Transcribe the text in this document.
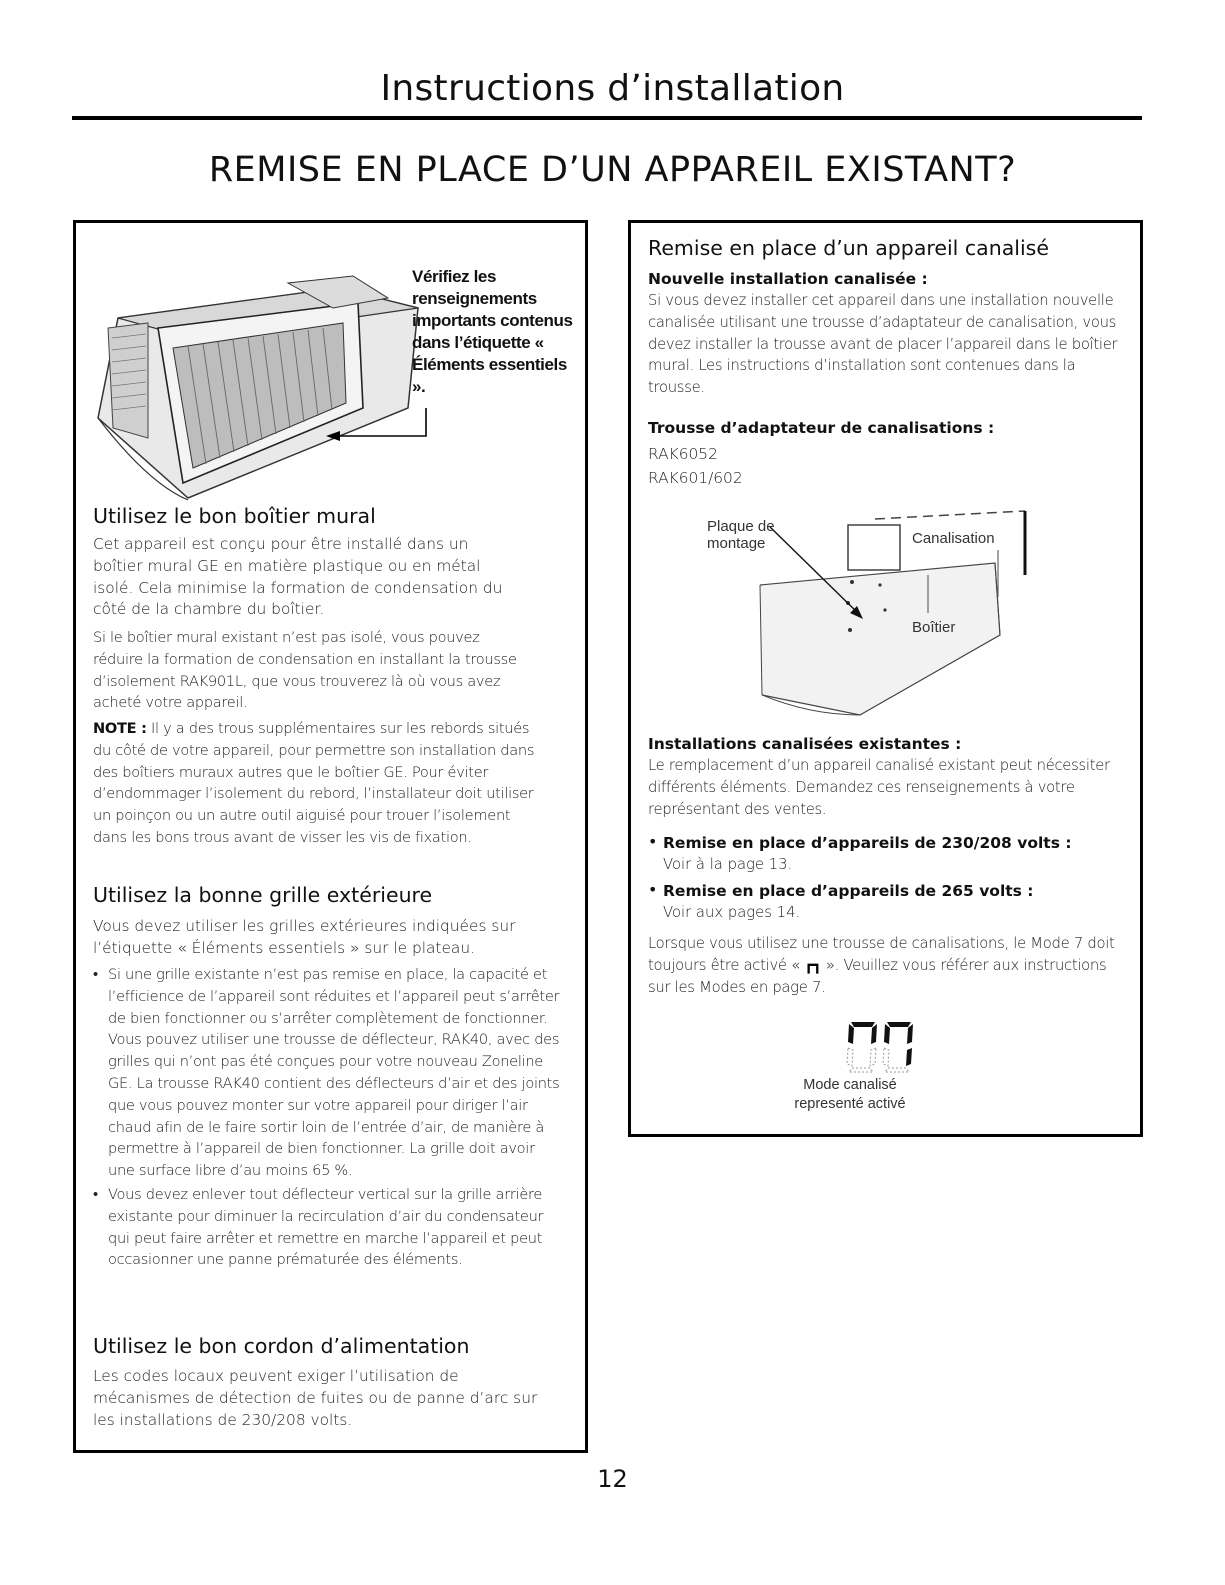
Instructions d’installation
REMISE EN PLACE D’UN APPAREIL EXISTANT?
Vérifiez les renseignements importants contenus dans l’étiquette « Éléments essentiels ».
Utilisez le bon boîtier mural
Cet appareil est conçu pour être installé dans un boîtier mural GE en matière plastique ou en métal isolé. Cela minimise la formation de condensation du côté de la chambre du boîtier.
Si le boîtier mural existant n’est pas isolé, vous pouvez réduire la formation de condensation en installant la trousse d’isolement RAK901L, que vous trouverez là où vous avez acheté votre appareil.
NOTE : Il y a des trous supplémentaires sur les rebords situés du côté de votre appareil, pour permettre son installation dans des boîtiers muraux autres que le boîtier GE. Pour éviter d’endommager l’isolement du rebord, l’installateur doit utiliser un poinçon ou un autre outil aiguisé pour trouer l’isolement dans les bons trous avant de visser les vis de fixation.
Utilisez la bonne grille extérieure
Vous devez utiliser les grilles extérieures indiquées sur l’étiquette « Éléments essentiels » sur le plateau.
• Si une grille existante n’est pas remise en place, la capacité et l’efficience de l’appareil sont réduites et l’appareil peut s’arrêter de bien fonctionner ou s’arrêter complètement de fonctionner. Vous pouvez utiliser une trousse de déflecteur, RAK40, avec des grilles qui n’ont pas été conçues pour votre nouveau Zoneline GE. La trousse RAK40 contient des déflecteurs d’air et des joints que vous pouvez monter sur votre appareil pour diriger l’air chaud afin de le faire sortir loin de l’entrée d’air, de manière à permettre à l’appareil de bien fonctionner. La grille doit avoir une surface libre d’au moins 65 %.
• Vous devez enlever tout déflecteur vertical sur la grille arrière existante pour diminuer la recirculation d’air du condensateur qui peut faire arrêter et remettre en marche l’appareil et peut occasionner une panne prématurée des éléments.
Utilisez le bon cordon d’alimentation
Les codes locaux peuvent exiger l’utilisation de mécanismes de détection de fuites ou de panne d’arc sur les installations de 230/208 volts.
Remise en place d’un appareil canalisé
Nouvelle installation canalisée :
Si vous devez installer cet appareil dans une installation nouvelle canalisée utilisant une trousse d’adaptateur de canalisation, vous devez installer la trousse avant de placer l’appareil dans le boîtier mural. Les instructions d’installation sont contenues dans la trousse.
Trousse d’adaptateur de canalisations :
RAK6052
RAK601/602
Plaque de
montage	Canalisation
Boîtier
Installations canalisées existantes :
Le remplacement d’un appareil canalisé existant peut nécessiter différents éléments. Demandez ces renseignements à votre représentant des ventes.
• Remise en place d’appareils de 230/208 volts :
Voir à la page 13.
• Remise en place d’appareils de 265 volts :
Voir aux pages 14.
Lorsque vous utilisez une trousse de canalisations, le Mode 7 doit toujours être activé « ┏┓ ». Veuillez vous référer aux instructions sur les Modes en page 7.
Mode canalisé
representé activé
12
